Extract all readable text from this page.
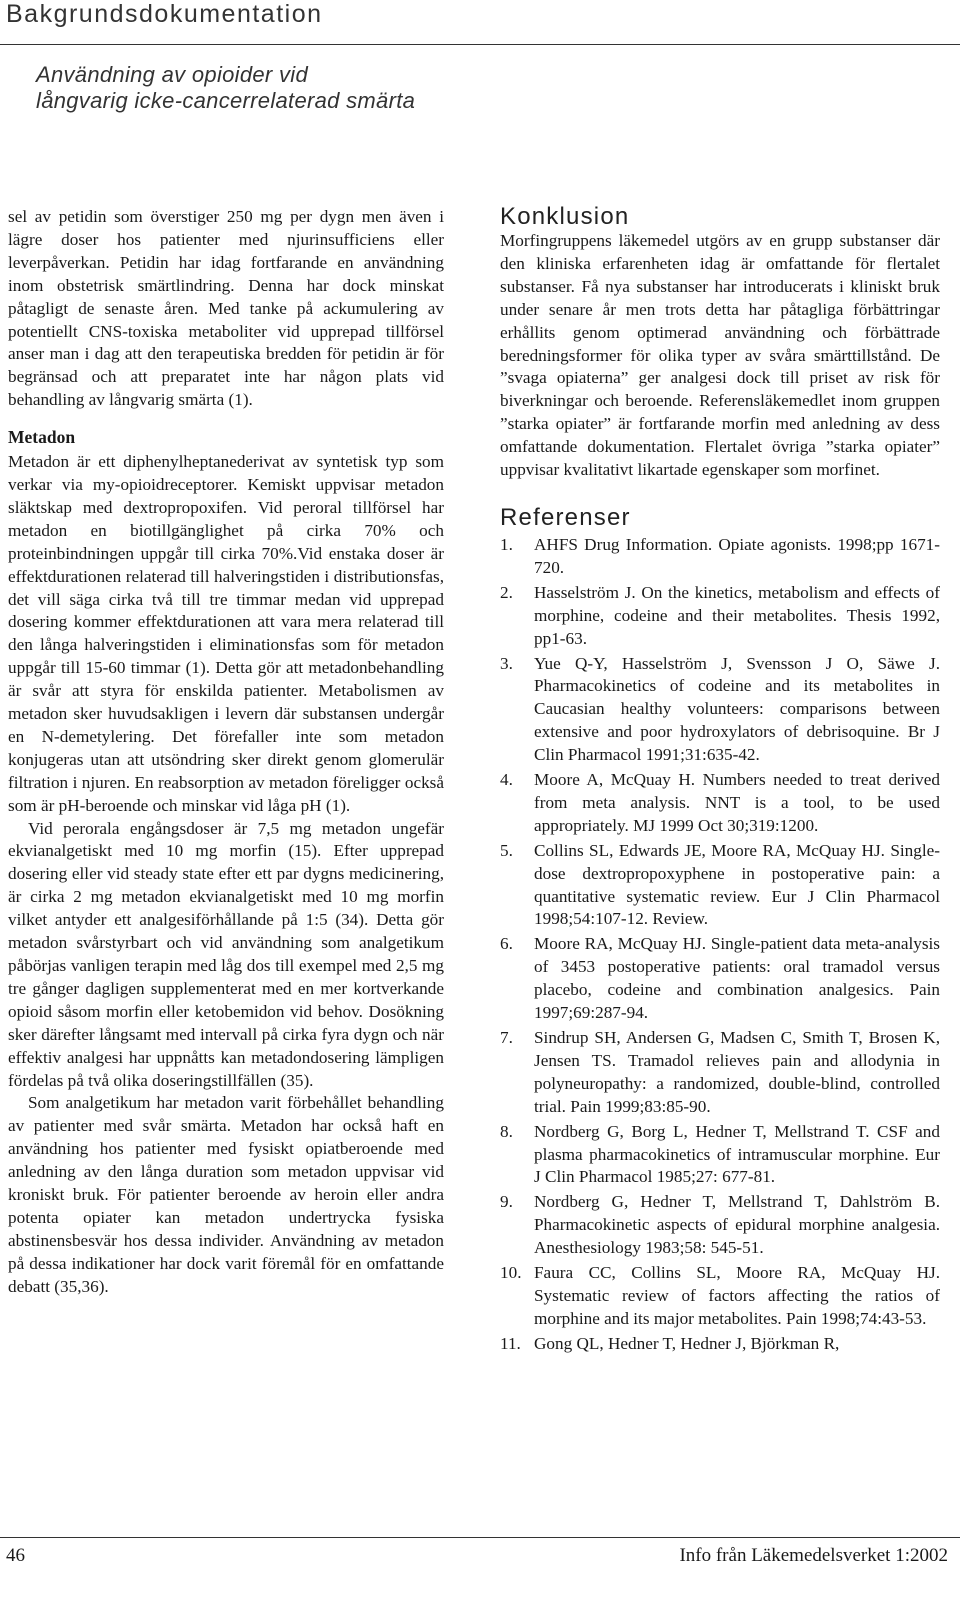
Bakgrundsdokumentation
Användning av opioider vid
långvarig icke-cancerrelaterad smärta

sel av petidin som överstiger 250 mg per dygn men även i lägre doser hos patienter med njurinsufficiens eller leverpåverkan. Petidin har idag fortfarande en användning inom obstetrisk smärtlindring. Denna har dock minskat påtagligt de senaste åren. Med tanke på ackumulering av potentiellt CNS-toxiska metaboliter vid upprepad tillförsel anser man i dag att den terapeutiska bredden för petidin är för begränsad och att preparatet inte har någon plats vid behandling av långvarig smärta (1).

Metadon

Metadon är ett diphenylheptanederivat av syntetisk typ som verkar via my-opioidreceptorer. Kemiskt uppvisar metadon släktskap med dextropropoxifen. Vid peroral tillförsel har metadon en biotillgänglighet på cirka 70% och proteinbindningen uppgår till cirka 70%.Vid enstaka doser är effektdurationen relaterad till halveringstiden i distributionsfas, det vill säga cirka två till tre timmar medan vid upprepad dosering kommer effektdurationen att vara mera relaterad till den långa halveringstiden i eliminationsfas som för metadon uppgår till 15-60 timmar (1). Detta gör att metadonbehandling är svår att styra för enskilda patienter. Metabolismen av metadon sker huvudsakligen i levern där substansen undergår en N-demetylering. Det förefaller inte som metadon konjugeras utan att utsöndring sker direkt genom glomerulär filtration i njuren. En reabsorption av metadon föreligger också som är pH-beroende och minskar vid låga pH (1).

Vid perorala engångsdoser är 7,5 mg metadon ungefär ekvianalgetiskt med 10 mg morfin (15). Efter upprepad dosering eller vid steady state efter ett par dygns medicinering, är cirka 2 mg metadon ekvianalgetiskt med 10 mg morfin vilket antyder ett analgesiförhållande på 1:5 (34). Detta gör metadon svårstyrbart och vid användning som analgetikum påbörjas vanligen terapin med låg dos till exempel med 2,5 mg tre gånger dagligen supplementerat med en mer kortverkande opioid såsom morfin eller ketobemidon vid behov. Dosökning sker därefter långsamt med intervall på cirka fyra dygn och när effektiv analgesi har uppnåtts kan metadondosering lämpligen fördelas på två olika doseringstillfällen (35).

Som analgetikum har metadon varit förbehållet behandling av patienter med svår smärta. Metadon har också haft en användning hos patienter med fysiskt opiatberoende med anledning av den långa duration som metadon uppvisar vid kroniskt bruk. För patienter beroende av heroin eller andra potenta opiater kan metadon undertrycka fysiska abstinensbesvär hos dessa individer. Användning av metadon på dessa indikationer har dock varit föremål för en omfattande debatt (35,36).

Konklusion

Morfingruppens läkemedel utgörs av en grupp substanser där den kliniska erfarenheten idag är omfattande för flertalet substanser. Få nya substanser har introducerats i kliniskt bruk under senare år men trots detta har påtagliga förbättringar erhållits genom optimerad användning och förbättrade beredningsformer för olika typer av svåra smärttillstånd. De ”svaga opiaterna” ger analgesi dock till priset av risk för biverkningar och beroende. Referensläkemedlet inom gruppen ”starka opiater” är fortfarande morfin med anledning av dess omfattande dokumentation. Flertalet övriga ”starka opiater” uppvisar kvalitativt likartade egenskaper som morfinet.

Referenser
1. AHFS Drug Information. Opiate agonists. 1998;pp 1671-720.
2. Hasselström J. On the kinetics, metabolism and effects of morphine, codeine and their metabolites. Thesis 1992, pp1-63.
3. Yue Q-Y, Hasselström J, Svensson J O, Säwe J. Pharmacokinetics of codeine and its metabolites in Caucasian healthy volunteers: comparisons between extensive and poor hydroxylators of debrisoquine. Br J Clin Pharmacol 1991;31:635-42.
4. Moore A, McQuay H. Numbers needed to treat derived from meta analysis. NNT is a tool, to be used appropriately. MJ 1999 Oct 30;319:1200.
5. Collins SL, Edwards JE, Moore RA, McQuay HJ. Single-dose dextropropoxyphene in postoperative pain: a quantitative systematic review. Eur J Clin Pharmacol 1998;54:107-12. Review.
6. Moore RA, McQuay HJ. Single-patient data meta-analysis of 3453 postoperative patients: oral tramadol versus placebo, codeine and combination analgesics. Pain 1997;69:287-94.
7. Sindrup SH, Andersen G, Madsen C, Smith T, Brosen K, Jensen TS. Tramadol relieves pain and allodynia in polyneuropathy: a randomized, double-blind, controlled trial. Pain 1999;83:85-90.
8. Nordberg G, Borg L, Hedner T, Mellstrand T. CSF and plasma pharmacokinetics of intramuscular morphine. Eur J Clin Pharmacol 1985;27: 677-81.
9. Nordberg G, Hedner T, Mellstrand T, Dahlström B. Pharmacokinetic aspects of epidural morphine analgesia. Anesthesiology 1983;58: 545-51.
10. Faura CC, Collins SL, Moore RA, McQuay HJ. Systematic review of factors affecting the ratios of morphine and its major metabolites. Pain 1998;74:43-53.
11. Gong QL, Hedner T, Hedner J, Björkman R,
46	Info från Läkemedelsverket 1:2002
